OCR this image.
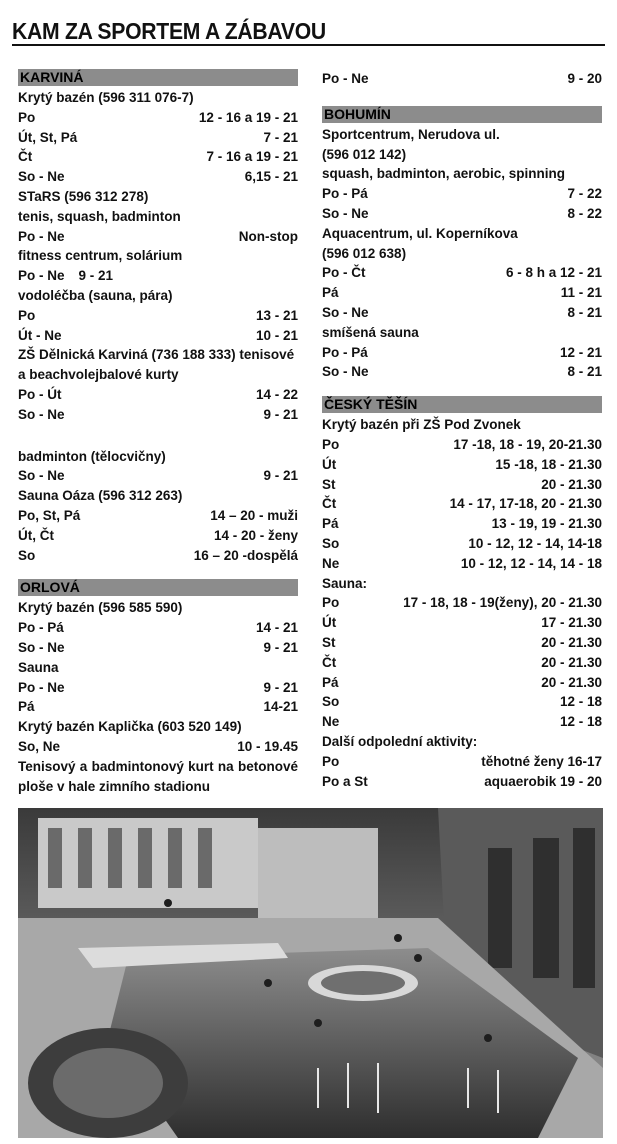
KAM ZA SPORTEM A ZÁBAVOU
KARVINÁ
Krytý bazén (596 311 076-7)
Po	12 - 16 a 19 - 21
Út, St, Pá	7 - 21
Čt	7 - 16 a 19 - 21
So - Ne	6,15 - 21
STaRS (596 312 278)
tenis, squash, badminton
Po - Ne	Non-stop
fitness centrum, solárium
Po - Ne 9 - 21
vodoléčba (sauna, pára)
Po	13 - 21
Út - Ne	10 - 21
ZŠ Dělnická Karviná (736 188 333) tenisové a beachvolejbalové kurty
Po - Út	14 - 22
So - Ne	9 - 21
badminton (tělocvičny)
So - Ne	9 - 21
Sauna Oáza (596 312 263)
Po, St, Pá	14 – 20 - muži
Út, Čt	14 - 20 - ženy
So	16 – 20 -dospělá
ORLOVÁ
Krytý bazén (596 585 590)
Po - Pá	14 - 21
So - Ne	9 - 21
Sauna
Po - Ne	9 - 21
Pá	14-21
Krytý bazén Kaplička (603 520 149)
So, Ne	10 - 19.45
Tenisový a badmintonový kurt na betonové ploše v hale zimního stadionu
Po - Ne	9 - 20
BOHUMÍN
Sportcentrum, Nerudova ul.
(596 012 142)
squash, badminton, aerobic, spinning
Po - Pá	7 - 22
So - Ne	8 - 22
Aquacentrum, ul. Koperníkova
(596 012 638)
Po - Čt	6 - 8 h a 12 - 21
Pá	11 - 21
So - Ne	8 - 21
smíšená sauna
Po - Pá	12 - 21
So - Ne	8 - 21
ČESKÝ TĚŠÍN
Krytý bazén při ZŠ Pod Zvonek
Po	17 -18, 18 - 19, 20-21.30
Út	15 -18, 18 - 21.30
St	20 - 21.30
Čt	14 - 17, 17-18, 20 - 21.30
Pá	13 - 19, 19 - 21.30
So	10 - 12, 12 - 14, 14-18
Ne	10 - 12, 12 - 14, 14 - 18
Sauna:
Po	17 - 18, 18 - 19(ženy), 20 - 21.30
Út	17 - 21.30
St	20 - 21.30
Čt	20 - 21.30
Pá	20 - 21.30
So	12 - 18
Ne	12 - 18
Další odpolední aktivity:
Po	těhotné ženy 16-17
Po a St	aquaerobik 19 - 20
